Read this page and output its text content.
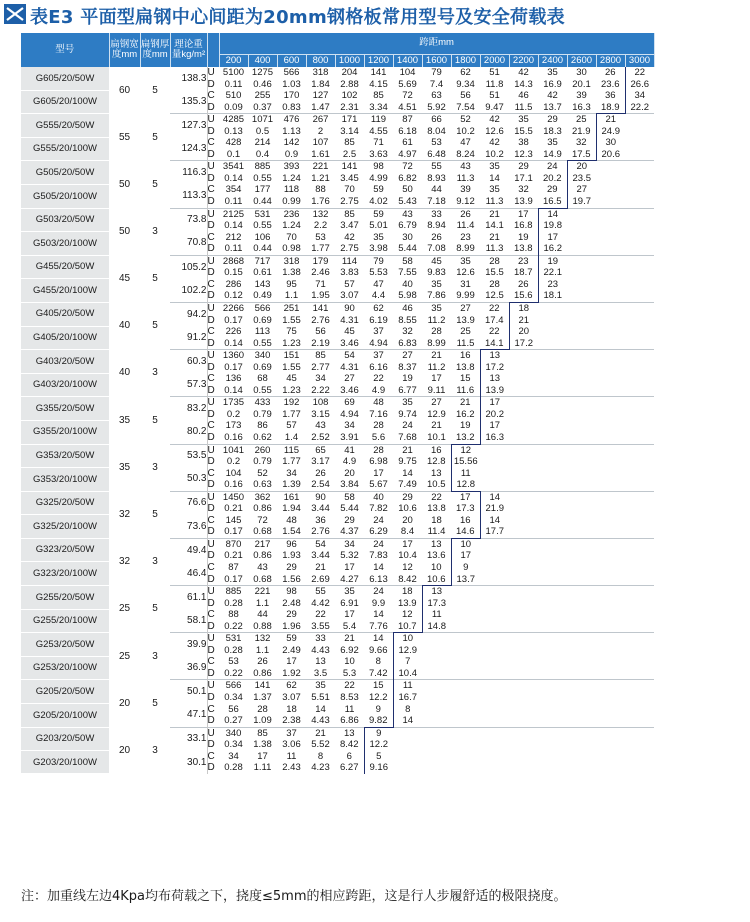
表E3 平面型扁钢中心间距为20mm钢格板常用型号及安全荷载表
型号	扁钢宽度mm	扁钢厚度mm	理论重量kg/m²		跨距mm														
					200	400	600	800	1000	1200	1400	1600	1800	2000	2200	2400	2600	2800	3000
G605/20/50W	60	5	138.3	U	5100	1275	566	318	204	141	104	79	62	51	42	35	30	26	22
				D	0.11	0.46	1.03	1.84	2.88	4.15	5.69	7.4	9.34	11.8	14.3	16.9	20.1	23.6	26.6
G605/20/100W			135.3	C	510	255	170	127	102	85	72	63	56	51	46	42	39	36	34
				D	0.09	0.37	0.83	1.47	2.31	3.34	4.51	5.92	7.54	9.47	11.5	13.7	16.3	18.9	22.2
G555/20/50W	55	5	127.3	U	4285	1071	476	267	171	119	87	66	52	42	35	29	25	21	
				D	0.13	0.5	1.13	2	3.14	4.55	6.18	8.04	10.2	12.6	15.5	18.3	21.9	24.9	
G555/20/100W			124.3	C	428	214	142	107	85	71	61	53	47	42	38	35	32	30	
				D	0.1	0.4	0.9	1.61	2.5	3.63	4.97	6.48	8.24	10.2	12.3	14.9	17.5	20.6	
G505/20/50W	50	5	116.3	U	3541	885	393	221	141	98	72	55	43	35	29	24	20		
				D	0.14	0.55	1.24	1.21	3.45	4.99	6.82	8.93	11.3	14	17.1	20.2	23.5		
G505/20/100W			113.3	C	354	177	118	88	70	59	50	44	39	35	32	29	27		
				D	0.11	0.44	0.99	1.76	2.75	4.02	5.43	7.18	9.12	11.3	13.9	16.5	19.7		
G503/20/50W	50	3	73.8	U	2125	531	236	132	85	59	43	33	26	21	17	14			
				D	0.14	0.55	1.24	2.2	3.47	5.01	6.79	8.94	11.4	14.1	16.8	19.8			
G503/20/100W			70.8	C	212	106	70	53	42	35	30	26	23	21	19	17			
				D	0.11	0.44	0.98	1.77	2.75	3.98	5.44	7.08	8.99	11.3	13.8	16.2			
G455/20/50W	45	5	105.2	U	2868	717	318	179	114	79	58	45	35	28	23	19			
				D	0.15	0.61	1.38	2.46	3.83	5.53	7.55	9.83	12.6	15.5	18.7	22.1			
G455/20/100W			102.2	C	286	143	95	71	57	47	40	35	31	28	26	23			
				D	0.12	0.49	1.1	1.95	3.07	4.4	5.98	7.86	9.99	12.5	15.6	18.1			
G405/20/50W	40	5	94.2	U	2266	566	251	141	90	62	46	35	27	22	18				
				D	0.17	0.69	1.55	2.76	4.31	6.19	8.55	11.2	13.9	17.4	21				
G405/20/100W			91.2	C	226	113	75	56	45	37	32	28	25	22	20				
				D	0.14	0.55	1.23	2.19	3.46	4.94	6.83	8.99	11.5	14.1	17.2				
G403/20/50W	40	3	60.3	U	1360	340	151	85	54	37	27	21	16	13					
				D	0.17	0.69	1.55	2.77	4.31	6.16	8.37	11.2	13.8	17.2					
G403/20/100W			57.3	C	136	68	45	34	27	22	19	17	15	13					
				D	0.14	0.55	1.23	2.22	3.46	4.9	6.77	9.11	11.6	13.9					
G355/20/50W	35	5	83.2	U	1735	433	192	108	69	48	35	27	21	17					
				D	0.2	0.79	1.77	3.15	4.94	7.16	9.74	12.9	16.2	20.2					
G355/20/100W			80.2	C	173	86	57	43	34	28	24	21	19	17					
				D	0.16	0.62	1.4	2.52	3.91	5.6	7.68	10.1	13.2	16.3					
G353/20/50W	35	3	53.5	U	1041	260	115	65	41	28	21	16	12						
				D	0.2	0.79	1.77	3.17	4.9	6.98	9.75	12.8	15.56						
G353/20/100W			50.3	C	104	52	34	26	20	17	14	13	11						
				D	0.16	0.63	1.39	2.54	3.84	5.67	7.49	10.5	12.8						
G325/20/50W	32	5	76.6	U	1450	362	161	90	58	40	29	22	17	14					
				D	0.21	0.86	1.94	3.44	5.44	7.82	10.6	13.8	17.3	21.9					
G325/20/100W			73.6	C	145	72	48	36	29	24	20	18	16	14					
				D	0.17	0.68	1.54	2.76	4.37	6.29	8.4	11.4	14.6	17.7					
G323/20/50W	32	3	49.4	U	870	217	96	54	34	24	17	13	10						
				D	0.21	0.86	1.93	3.44	5.32	7.83	10.4	13.6	17						
G323/20/100W			46.4	C	87	43	29	21	17	14	12	10	9						
				D	0.17	0.68	1.56	2.69	4.27	6.13	8.42	10.6	13.7						
G255/20/50W	25	5	61.1	U	885	221	98	55	35	24	18	13							
				D	0.28	1.1	2.48	4.42	6.91	9.9	13.9	17.3							
G255/20/100W			58.1	C	88	44	29	22	17	14	12	11							
				D	0.22	0.88	1.96	3.55	5.4	7.76	10.7	14.8							
G253/20/50W	25	3	39.9	U	531	132	59	33	21	14	10								
				D	0.28	1.1	2.49	4.43	6.92	9.66	12.9								
G253/20/100W			36.9	C	53	26	17	13	10	8	7								
				D	0.22	0.86	1.92	3.5	5.3	7.42	10.4								
G205/20/50W	20	5	50.1	U	566	141	62	35	22	15	11								
				D	0.34	1.37	3.07	5.51	8.53	12.2	16.7								
G205/20/100W			47.1	C	56	28	18	14	11	9	8								
				D	0.27	1.09	2.38	4.43	6.86	9.82	14								
G203/20/50W	20	3	33.1	U	340	85	37	21	13	9									
				D	0.34	1.38	3.06	5.52	8.42	12.2									
G203/20/100W			30.1	C	34	17	11	8	6	5									
				D	0.28	1.11	2.43	4.23	6.27	9.16									
注：加重线左边4Kpa均布荷载之下，挠度≤5mm的相应跨距，这是行人步履舒适的极限挠度。
